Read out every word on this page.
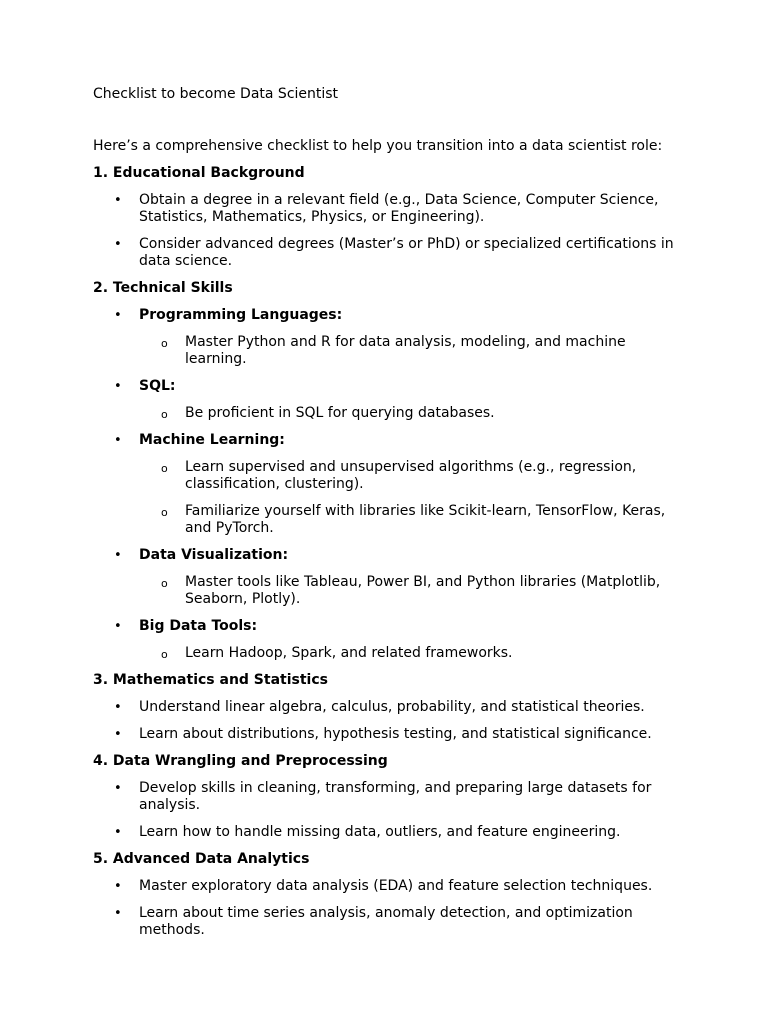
Checklist to become Data Scientist

Here’s a comprehensive checklist to help you transition into a data scientist role:

1. Educational Background

• Obtain a degree in a relevant field (e.g., Data Science, Computer Science, Statistics, Mathematics, Physics, or Engineering).
• Consider advanced degrees (Master’s or PhD) or specialized certifications in data science.

2. Technical Skills

• Programming Languages:
o Master Python and R for data analysis, modeling, and machine learning.
• SQL:
o Be proficient in SQL for querying databases.
• Machine Learning:
o Learn supervised and unsupervised algorithms (e.g., regression, classification, clustering).
o Familiarize yourself with libraries like Scikit-learn, TensorFlow, Keras, and PyTorch.
• Data Visualization:
o Master tools like Tableau, Power BI, and Python libraries (Matplotlib, Seaborn, Plotly).
• Big Data Tools:
o Learn Hadoop, Spark, and related frameworks.

3. Mathematics and Statistics

• Understand linear algebra, calculus, probability, and statistical theories.
• Learn about distributions, hypothesis testing, and statistical significance.

4. Data Wrangling and Preprocessing

• Develop skills in cleaning, transforming, and preparing large datasets for analysis.
• Learn how to handle missing data, outliers, and feature engineering.

5. Advanced Data Analytics

• Master exploratory data analysis (EDA) and feature selection techniques.
• Learn about time series analysis, anomaly detection, and optimization methods.
